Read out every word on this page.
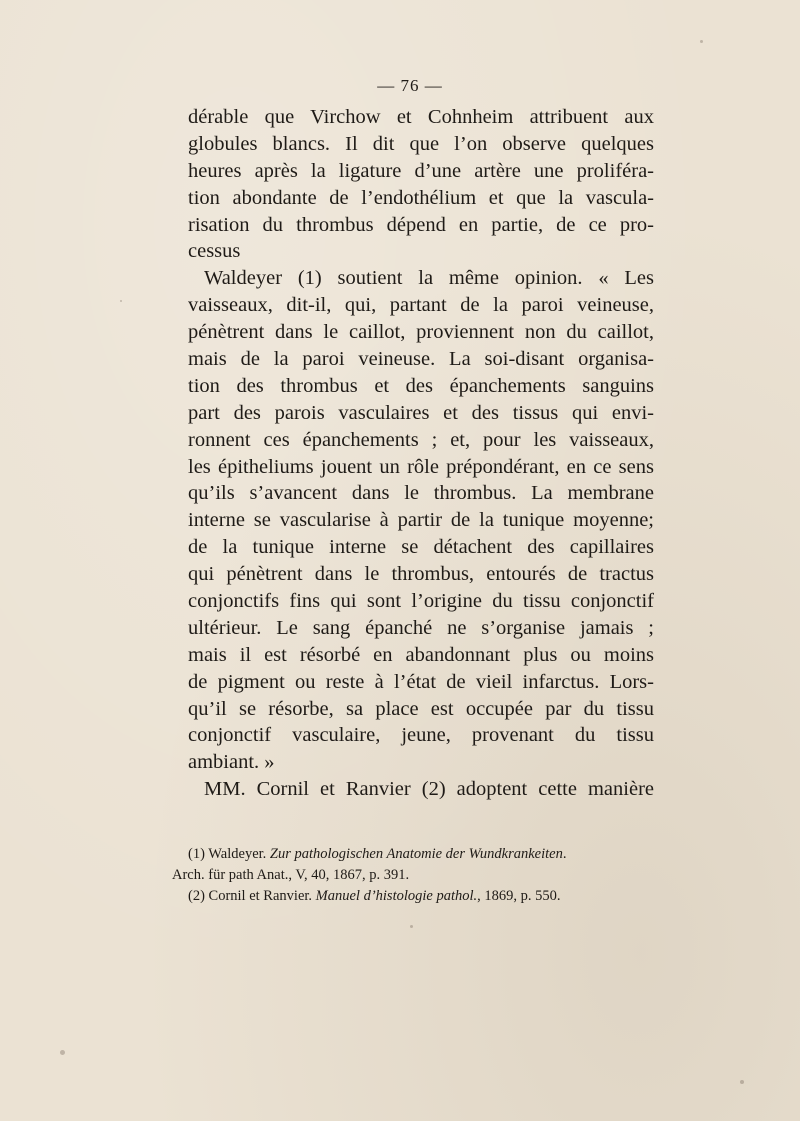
— 76 —
dérable que Virchow et Cohnheim attribuent aux
globules blancs. Il dit que l’on observe quelques
heures après la ligature d’une artère une proliféra-
tion abondante de l’endothélium et que la vascula-
risation du thrombus dépend en partie, de ce pro-
cessus
Waldeyer (1) soutient la même opinion. « Les
vaisseaux, dit-il, qui, partant de la paroi veineuse,
pénètrent dans le caillot, proviennent non du caillot,
mais de la paroi veineuse. La soi-disant organisa-
tion des thrombus et des épanchements sanguins
part des parois vasculaires et des tissus qui envi-
ronnent ces épanchements ; et, pour les vaisseaux,
les épitheliums jouent un rôle prépondérant, en ce sens
qu’ils s’avancent dans le thrombus. La membrane
interne se vascularise à partir de la tunique moyenne;
de la tunique interne se détachent des capillaires
qui pénètrent dans le thrombus, entourés de tractus
conjonctifs fins qui sont l’origine du tissu conjonctif
ultérieur. Le sang épanché ne s’organise jamais ;
mais il est résorbé en abandonnant plus ou moins
de pigment ou reste à l’état de vieil infarctus. Lors-
qu’il se résorbe, sa place est occupée par du tissu
conjonctif vasculaire, jeune, provenant du tissu
ambiant. »
MM. Cornil et Ranvier (2) adoptent cette manière
(1) Waldeyer. Zur pathologischen Anatomie der Wundkrankeiten.
Arch. für path Anat., V, 40, 1867, p. 391.
(2) Cornil et Ranvier. Manuel d’histologie pathol., 1869, p. 550.
